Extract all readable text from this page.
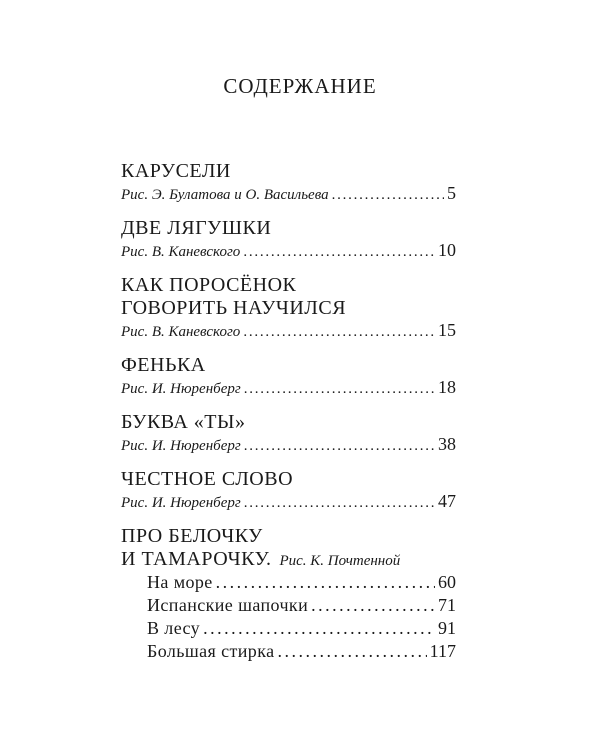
СОДЕРЖАНИЕ
КАРУСЕЛИ
Рис. Э. Булатова и О. Васильева . . .	5
ДВЕ ЛЯГУШКИ
Рис. В. Каневского . . .	10
КАК ПОРОСЁНОК
ГОВОРИТЬ НАУЧИЛСЯ
Рис. В. Каневского . . .	15
ФЕНЬКА
Рис. И. Нюренберг . . .	18
БУКВА «ТЫ»
Рис. И. Нюренберг . . .	38
ЧЕСТНОЕ СЛОВО
Рис. И. Нюренберг . . .	47
ПРО БЕЛОЧКУ
И ТАМАРОЧКУ. Рис. К. Почтенной
На море . . .	60
Испанские шапочки . . .	71
В лесу . . .	91
Большая стирка . . .	117
